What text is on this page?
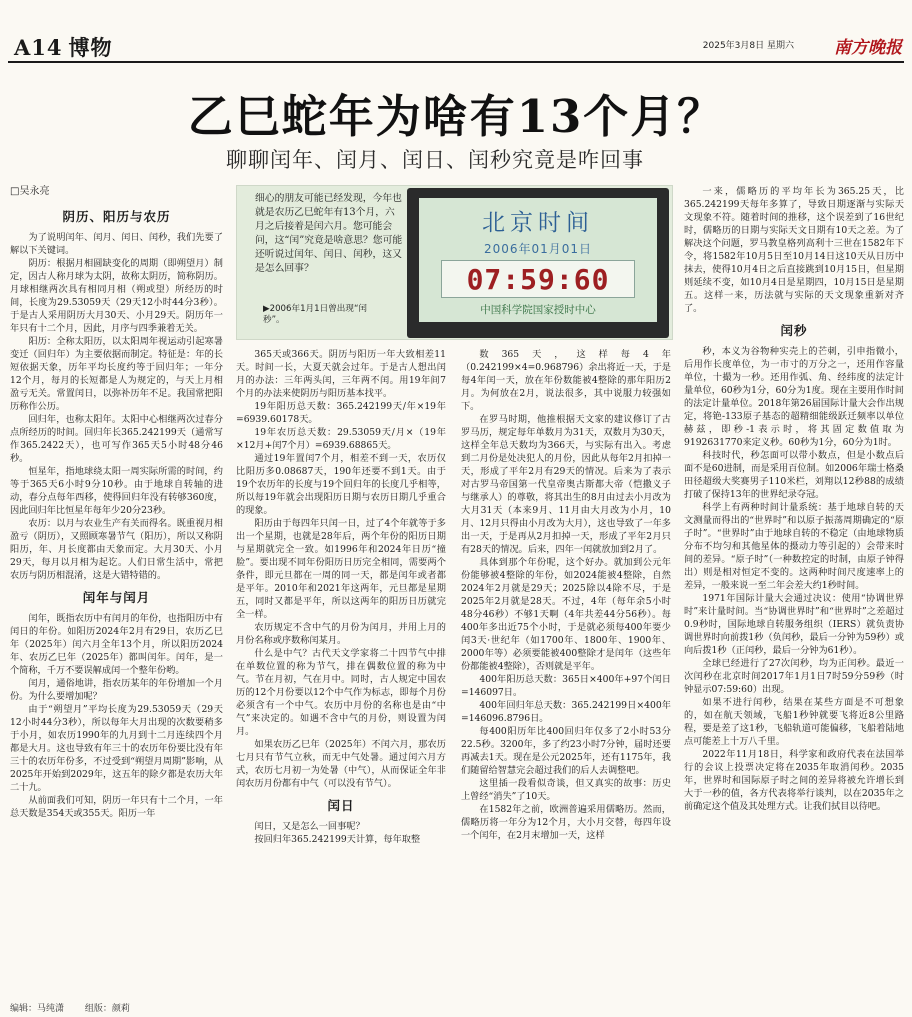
A14 博物	2025年3月8日 星期六 南方晚报
乙巳蛇年为啥有13个月？
聊聊闰年、闰月、闰日、闰秒究竟是咋回事
□吴永亮
阴历、阳历与农历

为了说明闰年、闰月、闰日、闰秒，我们先要了解以下关键词。

阴历：根据月相圆缺变化的周期（即朔望月）制定，因古人称月球为太阴，故称太阴历，简称阴历。月球相继两次具有相同月相（朔或望）所经历的时间，长度为29.53059天（29天12小时44分3秒）。于是古人采用阴历大月30天、小月29天。阴历年一年只有十二个月，因此，月序与四季兼着无关。

阳历：全称太阳历，以太阳周年视运动引起寒暑变迁（回归年）为主要依据而制定。特征是：年的长短依据天象，历年平均长度约等于回归年；一年分12个月，每月的长短都是人为规定的，与天上月相盈亏无关。常置闰日，以弥补历年不足。我国常把阳历称作公历。

回归年，也称太阳年。太阳中心相继两次过春分点所经历的时间。回归年长365.242199天（通常写作365.2422天），也可写作365天5小时48分46秒。

恒星年，指地球绕太阳一周实际所需的时间，约等于365天6小时9分10秒。由于地球自转轴的进动，春分点每年西移，使得回归年没有转够360度，因此回归年比恒星年每年少20分23秒。

农历：以月与农业生产有关而得名。既重视月相盈亏（阴历），又照顾寒暑节气（阳历），所以又称阴阳历，年、月长度都由天象而定。大月30天、小月29天，每月以月相为起讫。人们日常生活中，常把农历与阴历相混淆，这是大错特错的。

闰年与闰月

闰年，既指农历中有闰月的年份，也指阳历中有闰日的年份。如阳历2024年2月有29日，农历乙巳年（2025年）闰六月全年13个月，所以阳历2024年、农历乙巳年（2025年）都叫闰年。闰年，是一个简称，千万不要误解成闰一个整年份哟。

闰月，通俗地讲，指农历某年的年份增加一个月份。为什么要增加呢？

由于“朔望月”平均长度为29.53059天（29天12小时44分3秒），所以每年大月出现的次数要稍多于小月，如农历1990年的九月到十二月连续四个月都是大月。这也导致有年三十的农历年份要比没有年三十的农历年份多，不过受到“朔望月周期”影响，从2025年开始到2029年，这五年的除夕都是农历大年二十九。

从前面我们可知，阴历一年只有十二个月，一年总天数是354天或355天。阳历一年

细心的朋友可能已经发现，今年也就是农历乙巳蛇年有13个月，六月之后接着是闰六月。您可能会问，这“闰”究竟是啥意思？您可能还听说过闰年、闰日、闰秒，这又是怎么回事？
▶2006年1月1日曾出现“闰秒”。
北京时间
2006年01月01日
07:59:60
中国科学院国家授时中心

365天或366天。阴历与阳历一年大致相差11天。时间一长，大夏天就会过年。于是古人想出闰月的办法：三年两头闰，三年两不闰。用19年间7个月的办法来使阴历与阳历基本找平。

19年阳历总天数：365.242199天/年×19年=6939.60178天。

19年农历总天数：29.53059天/月×（19年×12月+闰7个月）=6939.68865天。

通过19年置闰7个月，相差不到一天，农历仅比阳历多0.08687天，190年还要不到1天。由于19个农历年的长度与19个回归年的长度几乎相等，所以每19年就会出现阳历日期与农历日期几乎重合的现象。

阳历由于每四年只闰一日，过了4个年就等于多出一个星期，也就是28年后，两个年份的阳历日期与星期就完全一致。如1996年和2024年日历“撞脸”。要出现不同年份阳历日历完全相同，需要两个条件，即元旦都在一周的同一天，都是闰年或者都是平年。2010年和2021年这两年，元旦都是星期五，同时又都是平年，所以这两年的阳历日历就完全一样。

农历规定不含中气的月份为闰月，并用上月的月份名称或序数称闰某月。

什么是中气？古代天文学家将二十四节气中排在单数位置的称为节气，排在偶数位置的称为中气。节在月初，气在月中。同时，古人规定中国农历的12个月份要以12个中气作为标志，即每个月份必须含有一个中气。农历中月份的名称也是由“中气”来决定的。如遇不含中气的月份，则设置为闰月。

如果农历乙巳年（2025年）不闰六月，那农历七月只有节气立秋，而无中气处暑。通过闰六月方式，农历七月初一为处暑（中气），从而保证全年非闰农历月份都有中气（可以没有节气）。

闰日

闰日，又是怎么一回事呢？

按回归年365.242199天计算，每年取整

数365天，这样每4年（0.242199×4=0.968796）余出将近一天，于是每4年闰一天，放在年份数能被4整除的那年阳历2月。为何放在2月，说法很多，其中说服力较强如下。

在罗马时期，他推根据天文家的建议修订了古罗马历，规定每年单数月为31天，双数月为30天，这样全年总天数均为366天，与实际有出入。考虑到二月份是处决犯人的月份，因此从每年2月扣掉一天，形成了平年2月有29天的情况。后来为了表示对古罗马帝国第一代皇帝奥古斯都大帝（恺撒义子与继承人）的尊敬，将其出生的8月由过去小月改为大月31天（本来9月、11月由大月改为小月，10月、12月只得由小月改为大月），这也导致了一年多出一天，于是再从2月扣掉一天，形成了平年2月只有28天的情况。后来，四年一闰就放加到2月了。

具体到那个年份呢，这个好办。就加到公元年份能够被4整除的年份，如2024能被4整除，自然2024年2月就是29天；2025除以4除不尽，于是2025年2月就是28天。不过，4年（每年余5小时48分46秒）不够1天啊（4年共差44分56秒）。每400年多出近75个小时，于是就必须每400年要少闰3天·世纪年（如1700年、1800年、1900年、2000年等）必须要能被400整除才是闰年（这些年份都能被4整除），否则就是平年。

400年阳历总天数：365日×400年+97个闰日=146097日。

400年回归年总天数：365.242199日×400年=146096.8796日。

每400阳历年比400回归年仅多了2小时53分22.5秒。3200年，多了约23小时7分钟，届时还要再减去1天。现在是公元2025年，还有1175年，我们随留给智慧完会超过我们的后人去调整吧。

这里插一段看似奇谈，但又真实的故事：历史上曾经“消失”了10天。

在1582年之前，欧洲普遍采用儒略历。然而，儒略历将一年分为12个月，大小月交替，每四年设一个闰年，在2月末增加一天，这样

一来，儒略历的平均年长为365.25天，比365.242199天每年多算了，导致日期逐渐与实际天文现象不符。随着时间的推移，这个误差到了16世纪时，儒略历的日期与实际天文日期有10天之差。为了解决这个问题，罗马教皇格列高利十三世在1582年下令，将1582年10月5日至10月14日这10天从日历中抹去，使得10月4日之后直接跳到10月15日，但星期则延续不变，如10月4日是星期四，10月15日是星期五。这样一来，历法就与实际的天文现象重新对齐了。

闰秒

秒，本义为谷物种实壳上的芒刺，引申指微小，后用作长度单位，为一市寸的万分之一，还用作容量单位，十撮为一秒。还用作弧、角、经纬度的法定计量单位，60秒为1分，60分为1度。现在主要用作时间的法定计量单位。2018年第26届国际计量大会作出规定，将铯-133原子基态的超精细能级跃迁频率以单位赫兹，即秒-1表示时，将其固定数值取为9192631770来定义秒。60秒为1分，60分为1时。

科技时代，秒怎面可以带小数点，但是小数点后面不是60进制，而是采用百位制。如2006年瑞士格桑田径超级大奖赛男子110米栏，刘翔以12秒88的成绩打破了保持13年的世界纪录夺冠。

科学上有两种时间计量系统：基于地球自转的天文测量而得出的“世界时”和以原子振荡周期确定的“原子时”。“世界时”由于地球自转的不稳定（由地球物质分布不均匀和其他星体的摄动力等引起的）会带来时间的差异。“原子时”（一种数控定的时制，由原子钟得出）则是相对恒定不变的。这两种时间尺度速率上的差异，一般来说一至二年会差大约1秒时间。

1971年国际计量大会通过决议：使用“协调世界时”来计量时间。当“协调世界时”和“世界时”之差超过0.9秒时，国际地球自转服务组织（IERS）就负责协调世界时向前拨1秒（负闰秒，最后一分钟为59秒）或向后拨1秒（正闰秒，最后一分钟为61秒）。

全球已经进行了27次闰秒，均为正闰秒。最近一次闰秒在北京时间2017年1月1日7时59分59秒（时钟显示07:59:60）出现。

如果不进行闰秒，结果在某些方面是不可想象的，如在航天领域，飞船1秒钟就要飞将近8公里路程，要是差了这1秒，飞船轨道可能偏移，飞船着陆地点可能差上十万八千里。

2022年11月18日，科学家和政府代表在法国举行的会议上投票决定将在2035年取消闰秒。2035年，世界时和国际原子时之间的差异将被允许增长到大于一秒的值，各方代表将举行谈判，以在2035年之前确定这个值及其处理方式。让我们拭目以待吧。

编辑：马纯潇 组版：颜莉
